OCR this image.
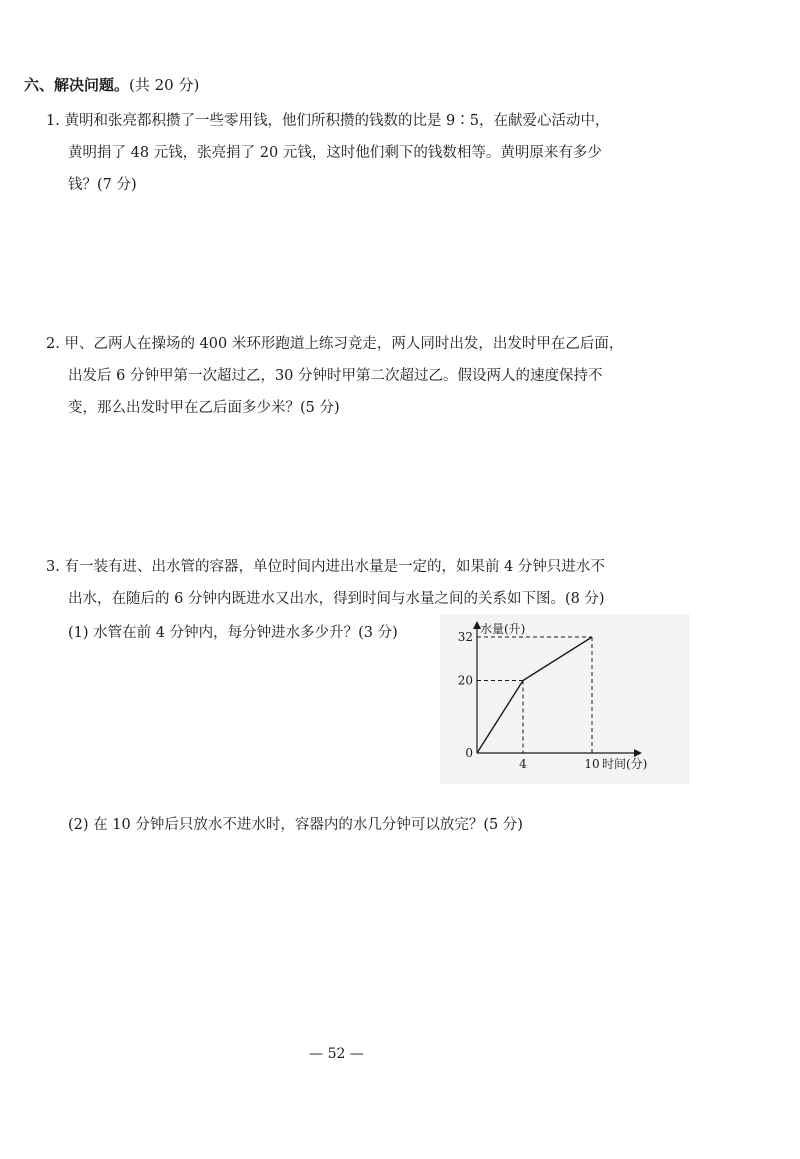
六、解决问题。(共 20 分)
1. 黄明和张亮都积攒了一些零用钱，他们所积攒的钱数的比是 9∶5，在献爱心活动中，
黄明捐了 48 元钱，张亮捐了 20 元钱，这时他们剩下的钱数相等。黄明原来有多少
钱？(7 分)
2. 甲、乙两人在操场的 400 米环形跑道上练习竞走，两人同时出发，出发时甲在乙后面，
出发后 6 分钟甲第一次超过乙，30 分钟时甲第二次超过乙。假设两人的速度保持不
变，那么出发时甲在乙后面多少米？(5 分)
3. 有一装有进、出水管的容器，单位时间内进出水量是一定的，如果前 4 分钟只进水不
出水，在随后的 6 分钟内既进水又出水，得到时间与水量之间的关系如下图。(8 分)
(1) 水管在前 4 分钟内，每分钟进水多少升？(3 分)
(2) 在 10 分钟后只放水不进水时，容器内的水几分钟可以放完？(5 分)
4	10
20
32
水量(升)
时间(分)
0
— 52 —
